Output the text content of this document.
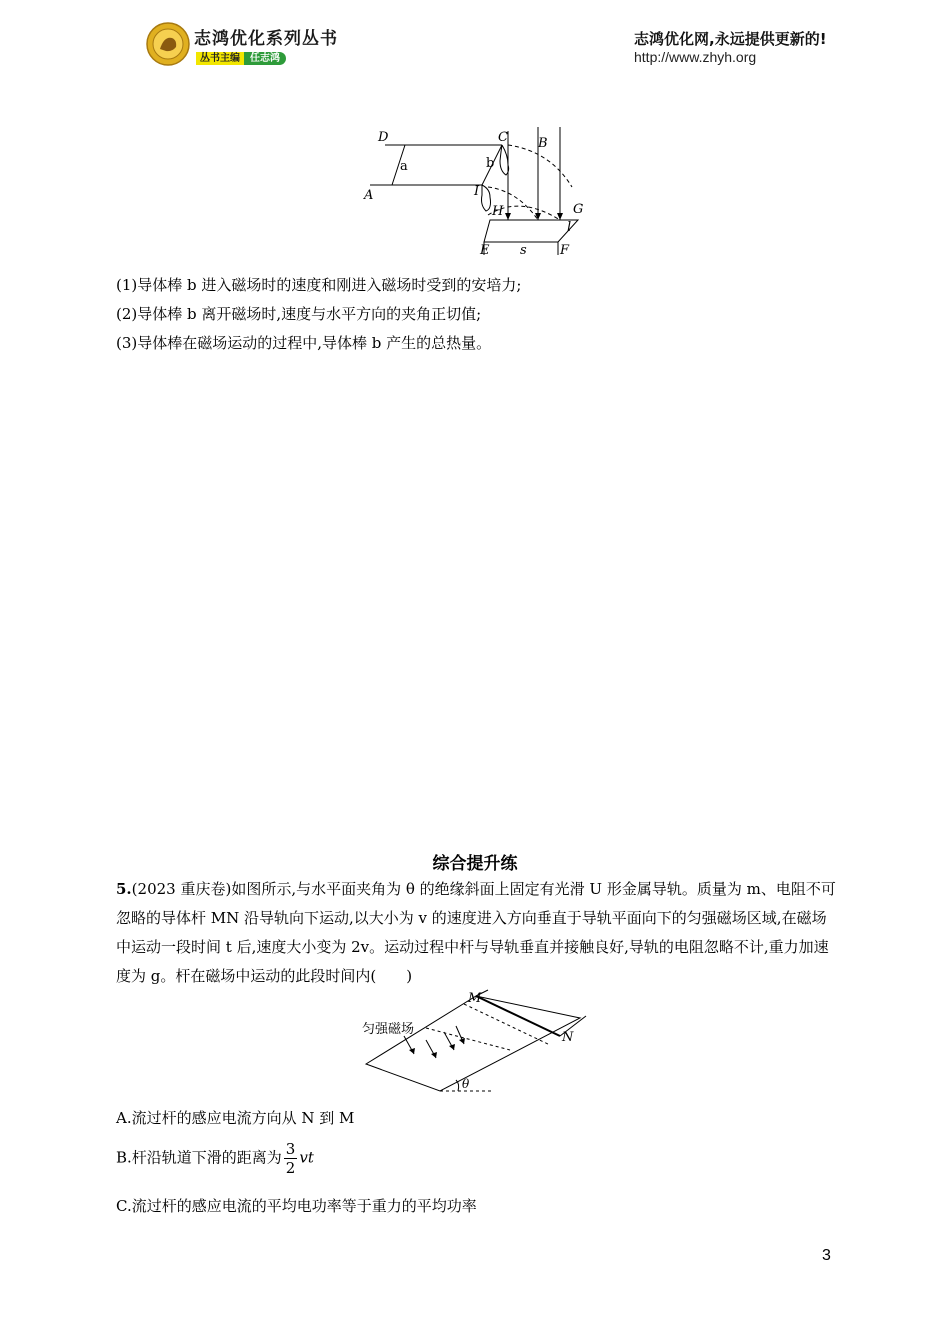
志鸿优化系列丛书
丛书主编 任志鸿
志鸿优化网,永远提供更新的!
http://www.zhyh.org
D	C B
A	I
H	G
l
E s	F
a	b
(1)导体棒 b 进入磁场时的速度和刚进入磁场时受到的安培力;
(2)导体棒 b 离开磁场时,速度与水平方向的夹角正切值;
(3)导体棒在磁场运动的过程中,导体棒 b 产生的总热量。
综合提升练
5.(2023 重庆卷)如图所示,与水平面夹角为 θ 的绝缘斜面上固定有光滑 U 形金属导轨。质量为 m、电阻不可忽略的导体杆 MN 沿导轨向下运动,以大小为 v 的速度进入方向垂直于导轨平面向下的匀强磁场区域,在磁场中运动一段时间 t 后,速度大小变为 2v。运动过程中杆与导轨垂直并接触良好,导轨的电阻忽略不计,重力加速度为 g。杆在磁场中运动的此段时间内(　　)
匀强磁场
M
N
θ
A.流过杆的感应电流方向从 N 到 M
B.杆沿轨道下滑的距离为 $\frac{3}{2}$ vt
C.流过杆的感应电流的平均电功率等于重力的平均功率
3
